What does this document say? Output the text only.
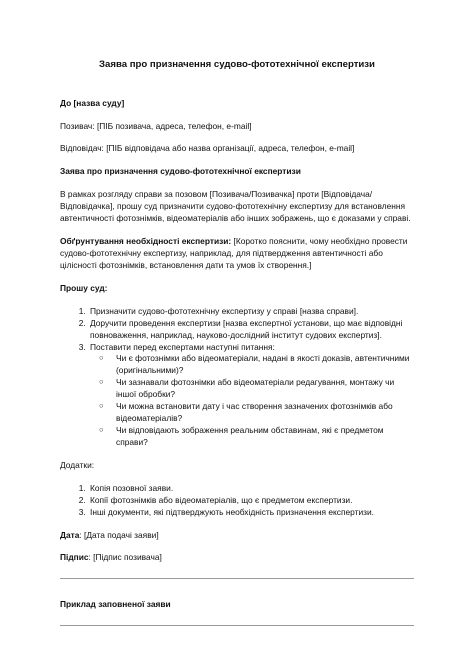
Заява про призначення судово-фототехнічної експертизи

До [назва суду]

Позивач: [ПІБ позивача, адреса, телефон, e-mail]

Відповідач: [ПІБ відповідача або назва організації, адреса, телефон, e-mail]

Заява про призначення судово-фототехнічної експертизи

В рамках розгляду справи за позовом [Позивача/Позивачка] проти [Відповідача/Відповідачка], прошу суд призначити судово-фототехнічну експертизу для встановлення автентичності фотознімків, відеоматеріалів або інших зображень, що є доказами у справі.

Обґрунтування необхідності експертизи: [Коротко пояснити, чому необхідно провести судово-фототехнічну експертизу, наприклад, для підтвердження автентичності або цілісності фотознімків, встановлення дати та умов їх створення.]

Прошу суд:

1. Призначити судово-фототехнічну експертизу у справі [назва справи].
2. Доручити проведення експертизи [назва експертної установи, що має відповідні повноваження, наприклад, науково-дослідний інститут судових експертиз].
3. Поставити перед експертами наступні питання:
○ Чи є фотознімки або відеоматеріали, надані в якості доказів, автентичними (оригінальними)?
○ Чи зазнавали фотознімки або відеоматеріали редагування, монтажу чи іншої обробки?
○ Чи можна встановити дату і час створення зазначених фотознімків або відеоматеріалів?
○ Чи відповідають зображення реальним обставинам, які є предметом справи?

Додатки:

1. Копія позовної заяви.
2. Копії фотознімків або відеоматеріалів, що є предметом експертизи.
3. Інші документи, які підтверджують необхідність призначення експертизи.

Дата: [Дата подачі заяви]

Підпис: [Підпис позивача]

Приклад заповненої заяви
